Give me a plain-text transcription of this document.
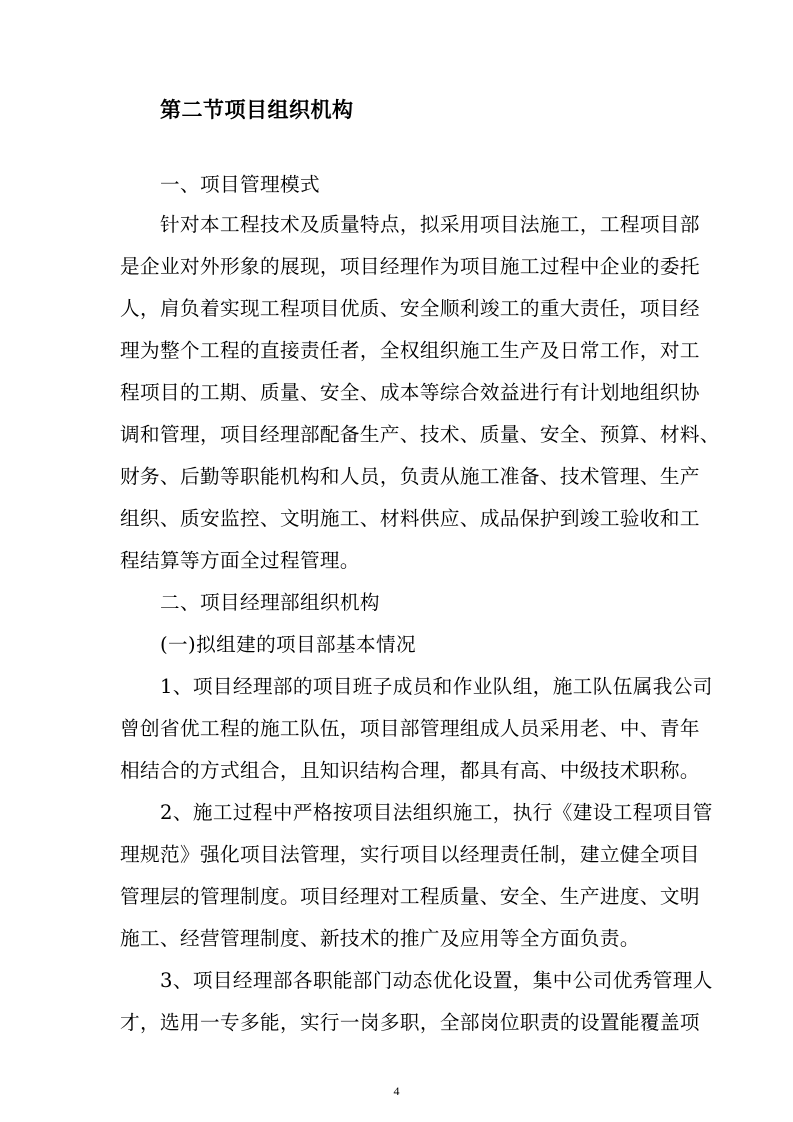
第二节项目组织机构
一、项目管理模式
针对本工程技术及质量特点，拟采用项目法施工，工程项目部
是企业对外形象的展现，项目经理作为项目施工过程中企业的委托
人，肩负着实现工程项目优质、安全顺利竣工的重大责任，项目经
理为整个工程的直接责任者，全权组织施工生产及日常工作，对工
程项目的工期、质量、安全、成本等综合效益进行有计划地组织协
调和管理，项目经理部配备生产、技术、质量、安全、预算、材料、
财务、后勤等职能机构和人员，负责从施工准备、技术管理、生产
组织、质安监控、文明施工、材料供应、成品保护到竣工验收和工
程结算等方面全过程管理。
二、项目经理部组织机构
(一)拟组建的项目部基本情况
1、项目经理部的项目班子成员和作业队组，施工队伍属我公司
曾创省优工程的施工队伍，项目部管理组成人员采用老、中、青年
相结合的方式组合，且知识结构合理，都具有高、中级技术职称。
2、施工过程中严格按项目法组织施工，执行《建设工程项目管
理规范》强化项目法管理，实行项目以经理责任制，建立健全项目
管理层的管理制度。项目经理对工程质量、安全、生产进度、文明
施工、经营管理制度、新技术的推广及应用等全方面负责。
3、项目经理部各职能部门动态优化设置，集中公司优秀管理人
才，选用一专多能，实行一岗多职，全部岗位职责的设置能覆盖项
4
